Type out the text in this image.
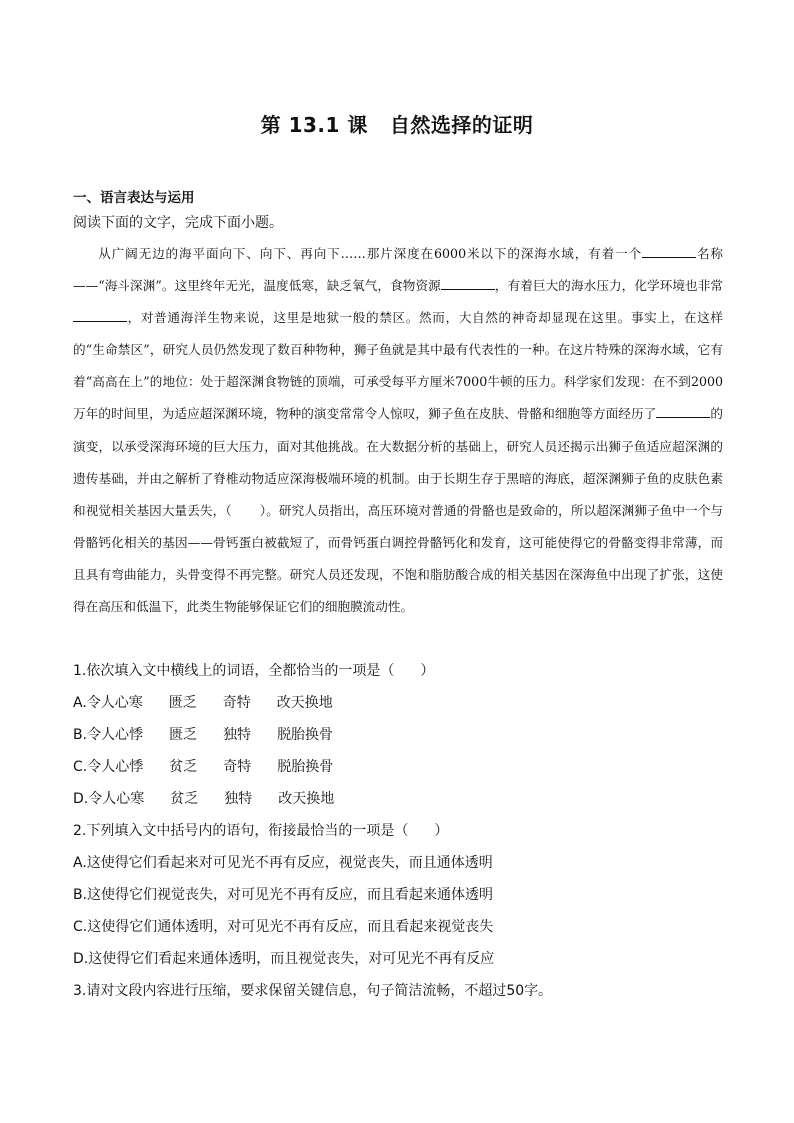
第 13.1 课 自然选择的证明
一、语言表达与运用
阅读下面的文字，完成下面小题。

从广阔无边的海平面向下、向下、再向下……那片深度在6000米以下的深海水域，有着一个	名称——“海斗深渊”。这里终年无光，温度低寒，缺乏氧气，食物资源	，有着巨大的海水压力，化学环境也非常，对普通海洋生物来说，这里是地狱一般的禁区。然而，大自然的神奇却显现在这里。事实上，在这样的“生命禁区”，研究人员仍然发现了数百种物种，狮子鱼就是其中最有代表性的一种。在这片特殊的深海水域，它有着“高高在上”的地位：处于超深渊食物链的顶端，可承受每平方厘米7000牛顿的压力。科学家们发现：在不到2000万年的时间里，为适应超深渊环境，物种的演变常常令人惊叹，狮子鱼在皮肤、骨骼和细胞等方面经历了	的演变，以承受深海环境的巨大压力，面对其他挑战。在大数据分析的基础上，研究人员还揭示出狮子鱼适应超深渊的遗传基础，并由之解析了脊椎动物适应深海极端环境的机制。由于长期生存于黑暗的海底，超深渊狮子鱼的皮肤色素和视觉相关基因大量丢失，（ ）。研究人员指出，高压环境对普通的骨骼也是致命的，所以超深渊狮子鱼中一个与骨骼钙化相关的基因——骨钙蛋白被截短了，而骨钙蛋白调控骨骼钙化和发育，这可能使得它的骨骼变得非常薄，而且具有弯曲能力，头骨变得不再完整。研究人员还发现，不饱和脂肪酸合成的相关基因在深海鱼中出现了扩张，这使得在高压和低温下，此类生物能够保证它们的细胞膜流动性。

1.依次填入文中横线上的词语，全都恰当的一项是（ ）
A.令人心寒 匮乏 奇特 改天换地
B.令人心悸 匮乏 独特 脱胎换骨
C.令人心悸 贫乏 奇特 脱胎换骨
D.令人心寒 贫乏 独特 改天换地
2.下列填入文中括号内的语句，衔接最恰当的一项是（ ）
A.这使得它们看起来对可见光不再有反应，视觉丧失，而且通体透明
B.这使得它们视觉丧失，对可见光不再有反应，而且看起来通体透明
C.这使得它们通体透明，对可见光不再有反应，而且看起来视觉丧失
D.这使得它们看起来通体透明，而且视觉丧失，对可见光不再有反应
3.请对文段内容进行压缩，要求保留关键信息，句子简洁流畅，不超过50字。
